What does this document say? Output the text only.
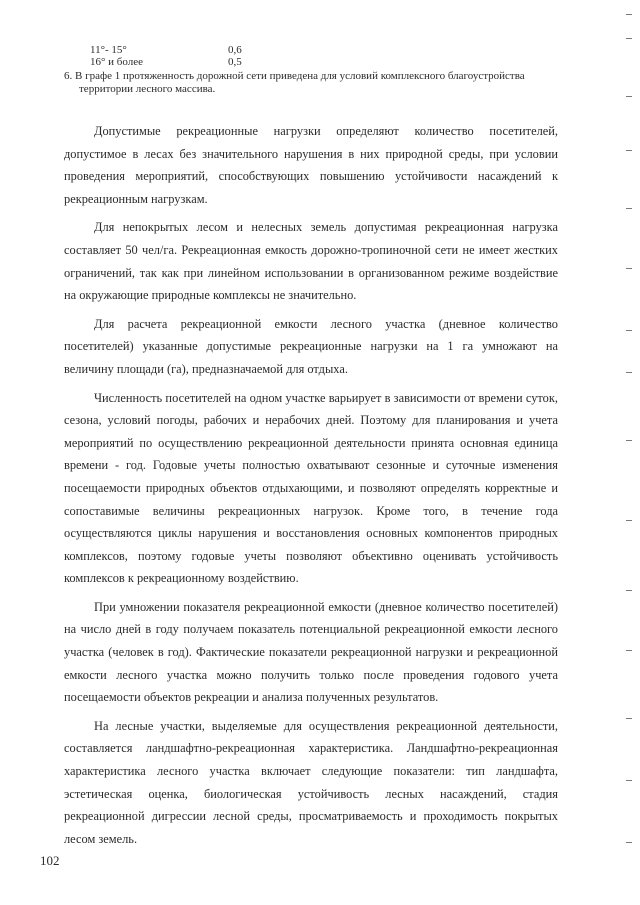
11°- 15°	0,6
16° и более	0,5
6. В графе 1 протяженность дорожной сети приведена для условий комплексного благоустройства
территории лесного массива.

Допустимые рекреационные нагрузки определяют количество посетителей, допустимое в лесах без значительного нарушения в них природной среды, при условии проведения мероприятий, способствующих повышению устойчивости насаждений к рекреационным нагрузкам.

Для непокрытых лесом и нелесных земель допустимая рекреационная нагрузка составляет 50 чел/га. Рекреационная емкость дорожно-тропиночной сети не имеет жестких ограничений, так как при линейном использовании в организованном режиме воздействие на окружающие природные комплексы не значительно.

Для расчета рекреационной емкости лесного участка (дневное количество посетителей) указанные допустимые рекреационные нагрузки на 1 га умножают на величину площади (га), предназначаемой для отдыха.

Численность посетителей на одном участке варьирует в зависимости от времени суток, сезона, условий погоды, рабочих и нерабочих дней. Поэтому для планирования и учета мероприятий по осуществлению рекреационной деятельности принята основная единица времени - год. Годовые учеты полностью охватывают сезонные и суточные изменения посещаемости природных объектов отдыхающими, и позволяют определять корректные и сопоставимые величины рекреационных нагрузок. Кроме того, в течение года осуществляются циклы нарушения и восстановления основных компонентов природных комплексов, поэтому годовые учеты позволяют объективно оценивать устойчивость комплексов к рекреационному воздействию.

При умножении показателя рекреационной емкости (дневное количество посетителей) на число дней в году получаем показатель потенциальной рекреационной емкости лесного участка (человек в год). Фактические показатели рекреационной нагрузки и рекреационной емкости лесного участка можно получить только после проведения годового учета посещаемости объектов рекреации и анализа полученных результатов.

На лесные участки, выделяемые для осуществления рекреационной деятельности, составляется ландшафтно-рекреационная характеристика. Ландшафтно-рекреационная характеристика лесного участка включает следующие показатели: тип ландшафта, эстетическая оценка, биологическая устойчивость лесных насаждений, стадия рекреационной дигрессии лесной среды, просматриваемость и проходимость покрытых лесом земель.

102
